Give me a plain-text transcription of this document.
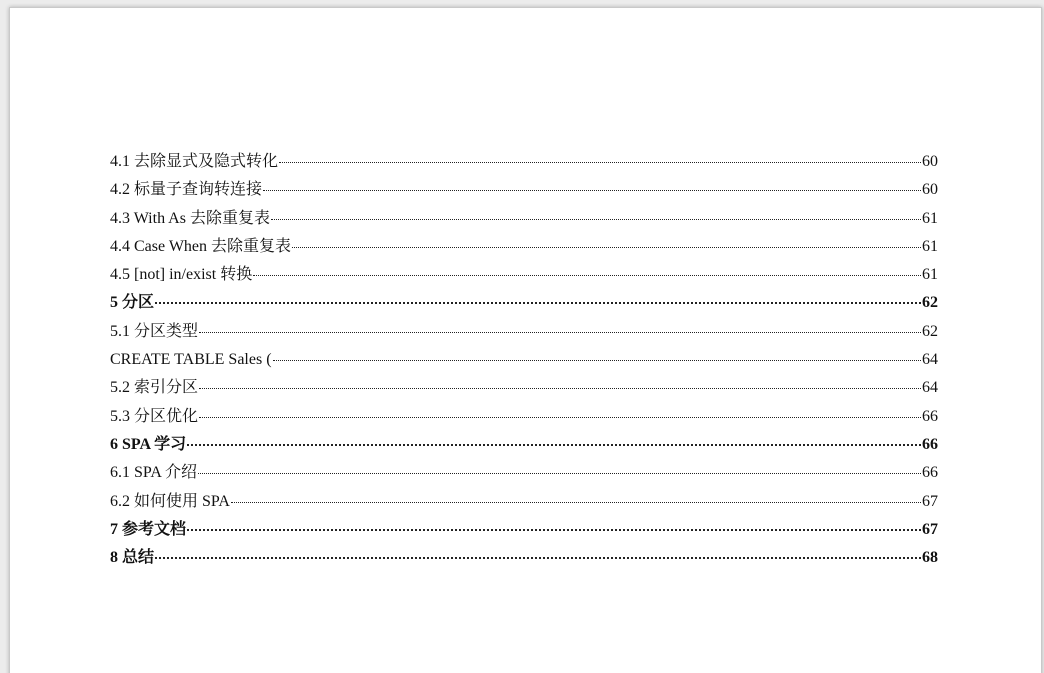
4.1 去除显式及隐式转化	60
4.2 标量子查询转连接	60
4.3 With As 去除重复表	61
4.4 Case When 去除重复表	61
4.5 [not] in/exist 转换	61
5 分区	62
5.1 分区类型	62
CREATE TABLE Sales (	64
5.2 索引分区	64
5.3 分区优化	66
6 SPA 学习	66
6.1 SPA 介绍	66
6.2 如何使用 SPA	67
7 参考文档	67
8 总结	68
